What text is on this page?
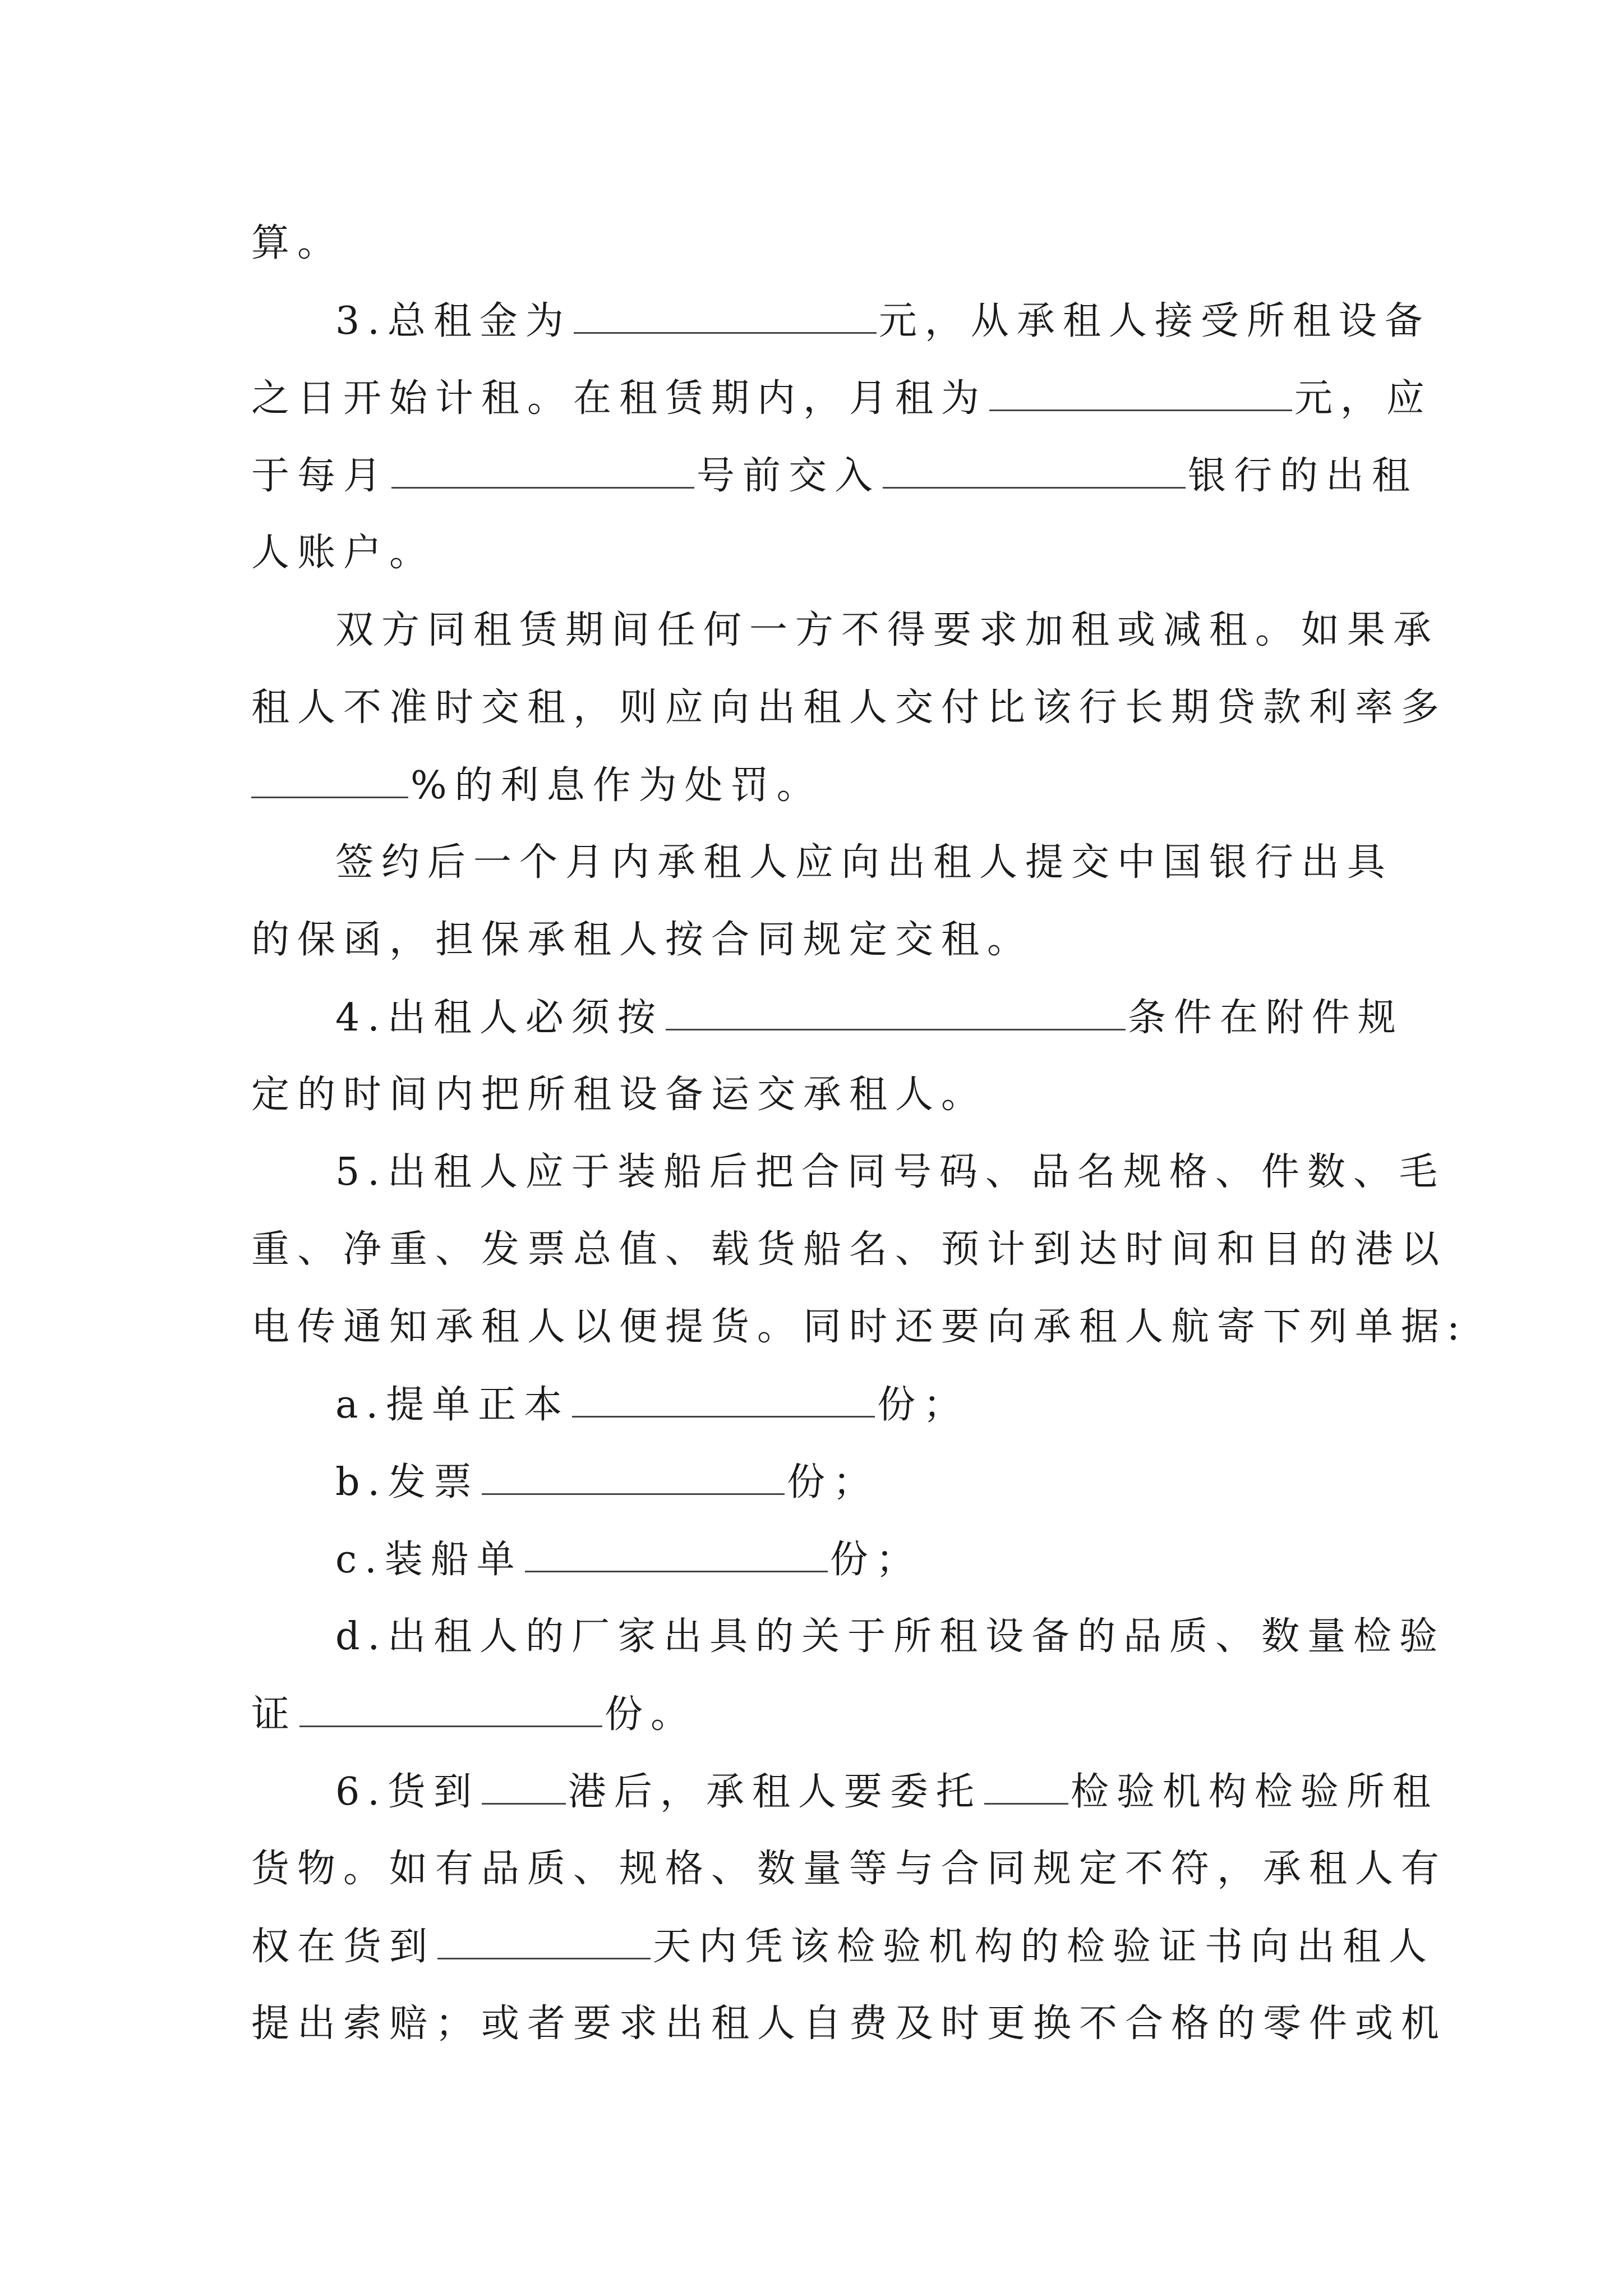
算。
3.总租金为	元，从承租人接受所租设备
之日开始计租。在租赁期内，月租为	元，应
于每月	号前交入	银行的出租
人账户。
双方同租赁期间任何一方不得要求加租或减租。如果承
租人不准时交租，则应向出租人交付比该行长期贷款利率多
%的利息作为处罚。
签约后一个月内承租人应向出租人提交中国银行出具
的保函，担保承租人按合同规定交租。
4.出租人必须按	条件在附件规
定的时间内把所租设备运交承租人。
5.出租人应于装船后把合同号码、品名规格、件数、毛
重、净重、发票总值、载货船名、预计到达时间和目的港以
电传通知承租人以便提货。同时还要向承租人航寄下列单据:
a.提单正本	份；
b.发票	份；
c.装船单	份；
d.出租人的厂家出具的关于所租设备的品质、数量检验
证	份。
6.货到 港后，承租人要委托 检验机构检验所租
货物。如有品质、规格、数量等与合同规定不符，承租人有
权在货到	天内凭该检验机构的检验证书向出租人
提出索赔；或者要求出租人自费及时更换不合格的零件或机
